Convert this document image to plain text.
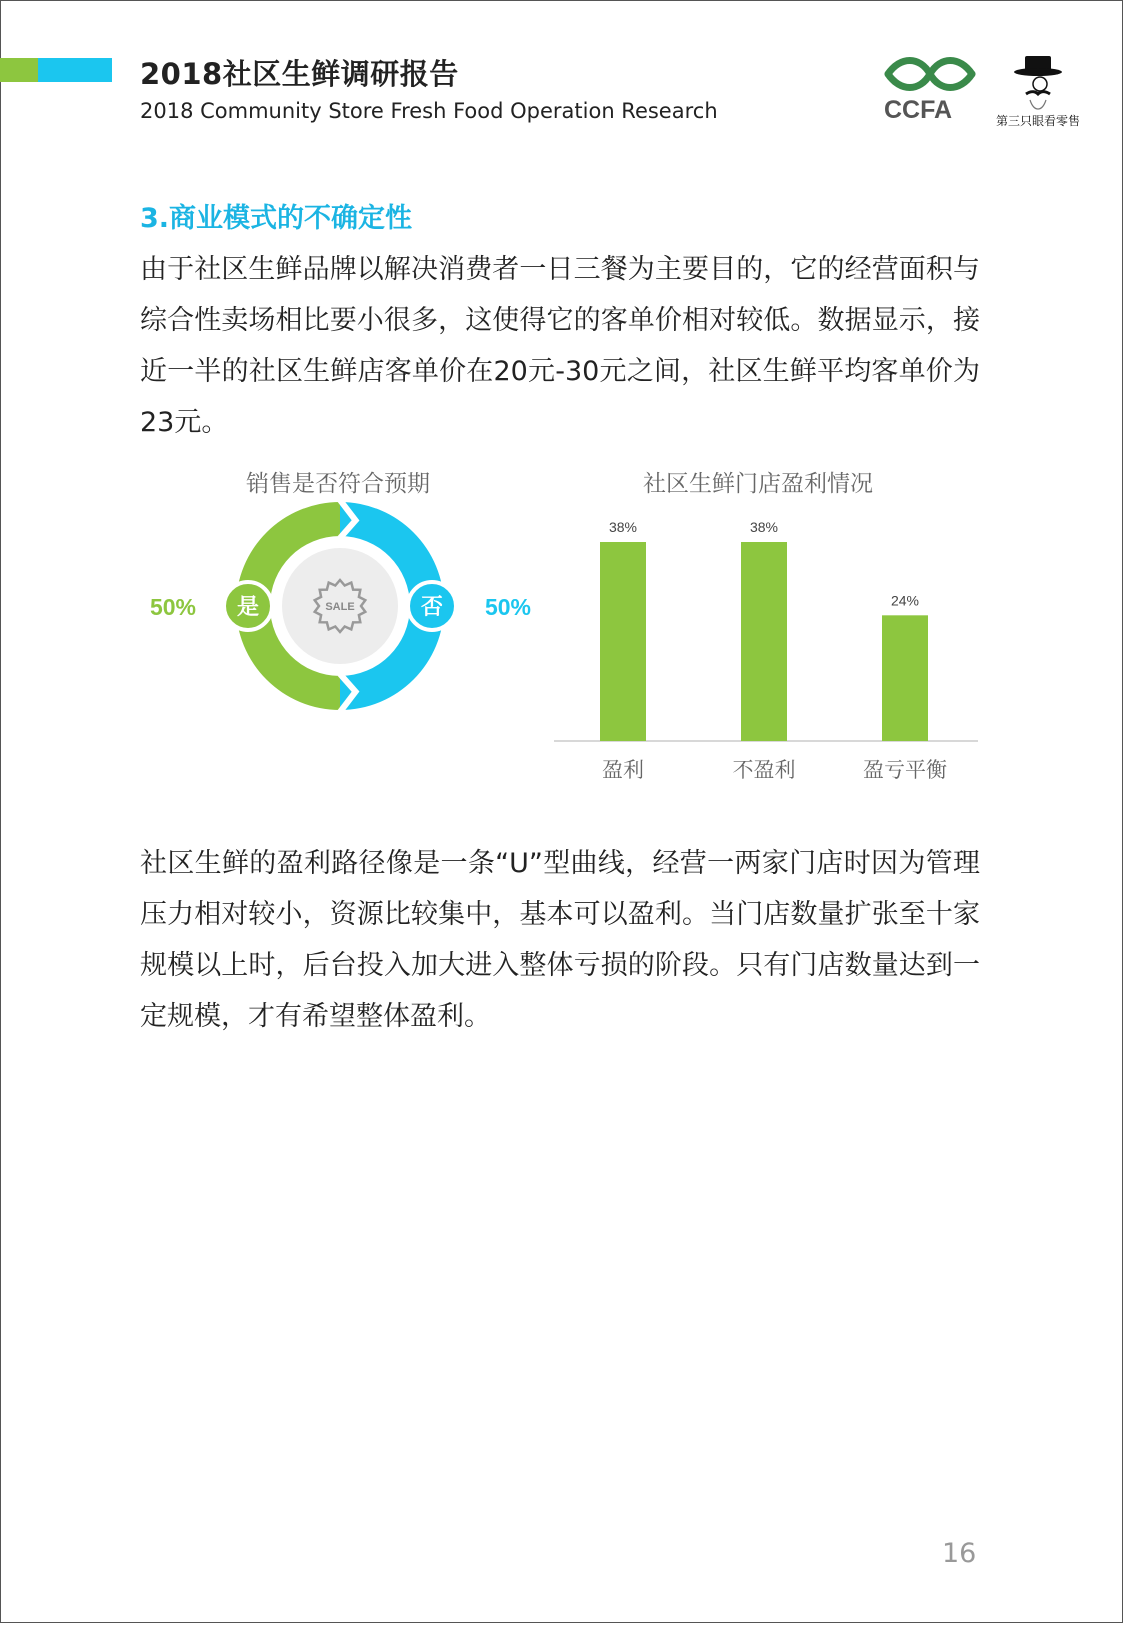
2018社区生鲜调研报告
2018 Community Store Fresh Food Operation Research	CCFA	第三只眼看零售
3.商业模式的不确定性

由于社区生鲜品牌以解决消费者一日三餐为主要目的，它的经营面积与综合性卖场相比要小很多，这使得它的客单价相对较低。数据显示，接近一半的社区生鲜店客单价在20元-30元之间，社区生鲜平均客单价为23元。

销售是否符合预期
SALE
是
50%	否 50%
社区生鲜门店盈利情况
38%
盈利
38%
不盈利
24%
盈亏平衡

社区生鲜的盈利路径像是一条“U”型曲线，经营一两家门店时因为管理压力相对较小，资源比较集中，基本可以盈利。当门店数量扩张至十家规模以上时，后台投入加大进入整体亏损的阶段。只有门店数量达到一定规模，才有希望整体盈利。

16
